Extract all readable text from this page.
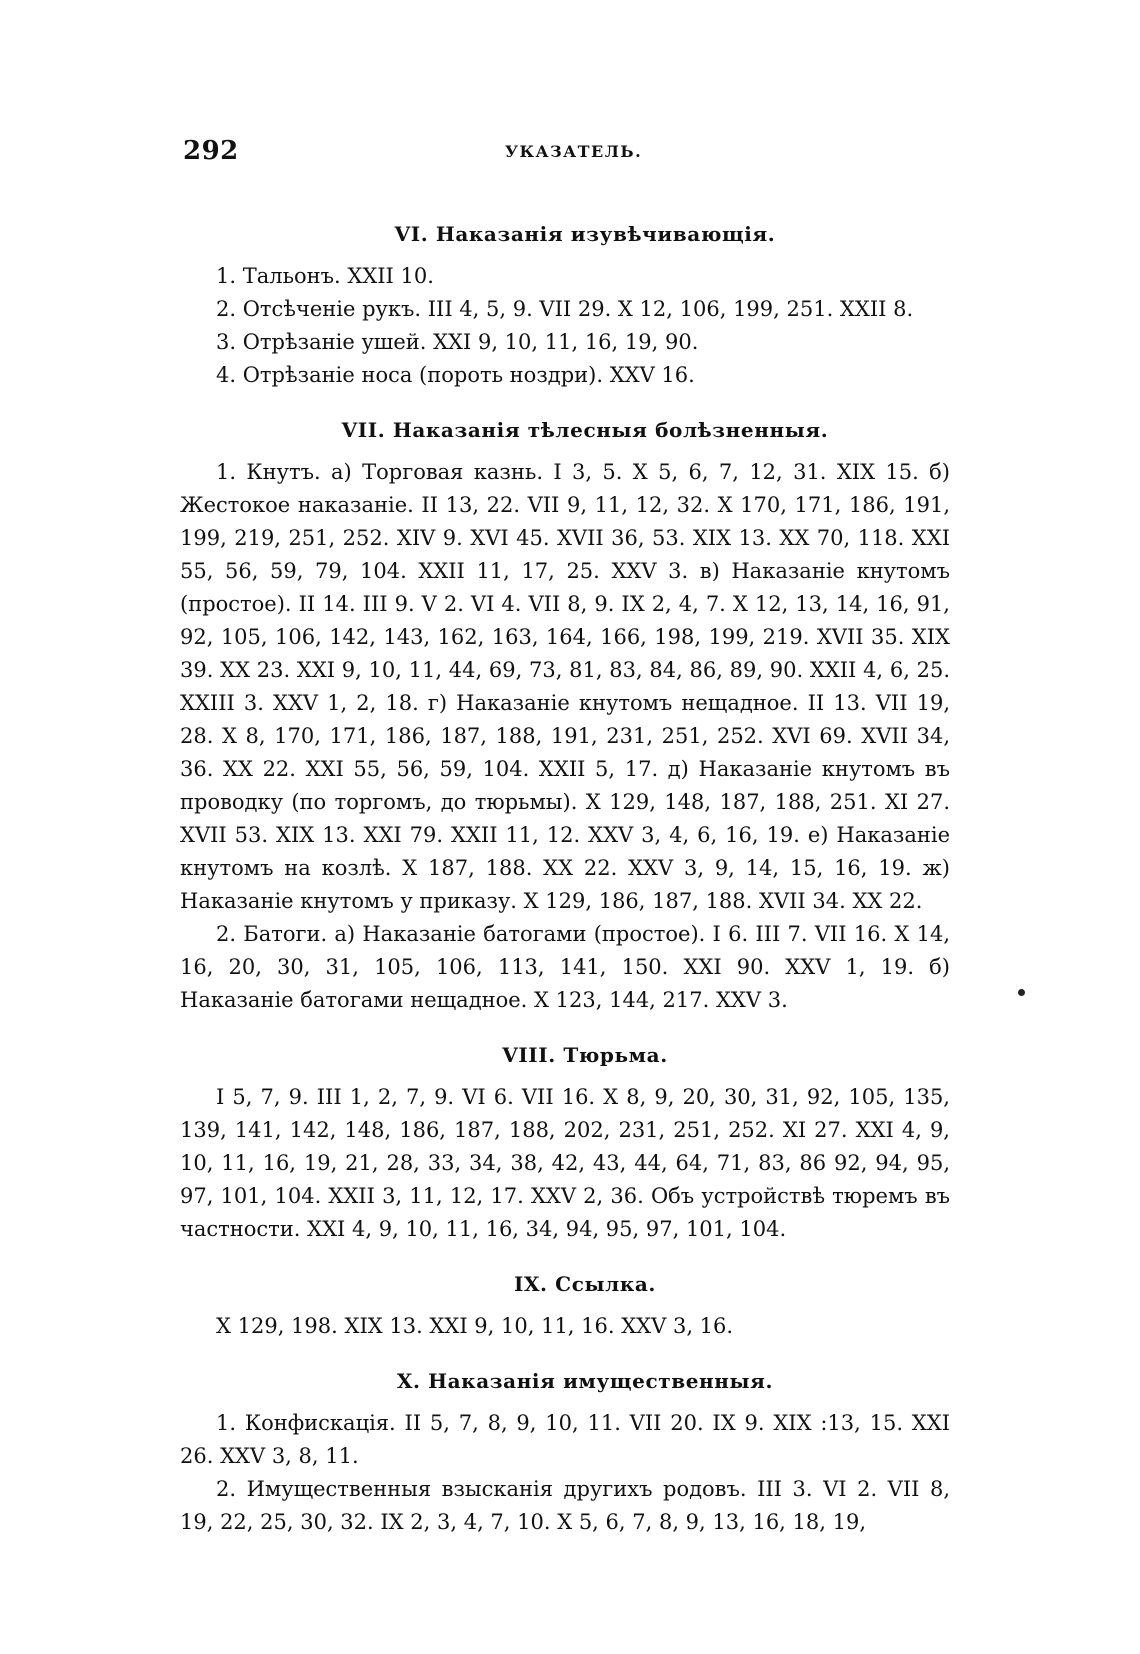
292	УКАЗАТЕЛЬ.
VI. Наказанія изувѣчивающія.
1. Тальонъ. XXII 10.
2. Отсѣченіе рукъ. III 4, 5, 9. VII 29. X 12, 106, 199, 251. XXII 8.
3. Отрѣзаніе ушей. XXI 9, 10, 11, 16, 19, 90.
4. Отрѣзаніе носа (пороть ноздри). XXV 16.
VII. Наказанія тѣлесныя болѣзненныя.

1. Кнутъ. а) Торговая казнь. I 3, 5. X 5, 6, 7, 12, 31. XIX 15. б) Жестокое наказаніе. II 13, 22. VII 9, 11, 12, 32. X 170, 171, 186, 191, 199, 219, 251, 252. XIV 9. XVI 45. XVII 36, 53. XIX 13. XX 70, 118. XXI 55, 56, 59, 79, 104. XXII 11, 17, 25. XXV 3. в) Наказаніе кнутомъ (простое). II 14. III 9. V 2. VI 4. VII 8, 9. IX 2, 4, 7. X 12, 13, 14, 16, 91, 92, 105, 106, 142, 143, 162, 163, 164, 166, 198, 199, 219. XVII 35. XIX 39. XX 23. XXI 9, 10, 11, 44, 69, 73, 81, 83, 84, 86, 89, 90. XXII 4, 6, 25. XXIII 3. XXV 1, 2, 18. г) Наказаніе кнутомъ нещадное. II 13. VII 19, 28. X 8, 170, 171, 186, 187, 188, 191, 231, 251, 252. XVI 69. XVII 34, 36. XX 22. XXI 55, 56, 59, 104. XXII 5, 17. д) Наказаніе кнутомъ въ проводку (по торгомъ, до тюрьмы). X 129, 148, 187, 188, 251. XI 27. XVII 53. XIX 13. XXI 79. XXII 11, 12. XXV 3, 4, 6, 16, 19. е) Наказаніе кнутомъ на козлѣ. X 187, 188. XX 22. XXV 3, 9, 14, 15, 16, 19. ж) Наказаніе кнутомъ у приказу. X 129, 186, 187, 188. XVII 34. XX 22.

2. Батоги. а) Наказаніе батогами (простое). I 6. III 7. VII 16. X 14, 16, 20, 30, 31, 105, 106, 113, 141, 150. XXI 90. XXV 1, 19. б) Наказаніе батогами нещадное. X 123, 144, 217. XXV 3.

VIII. Тюрьма.

I 5, 7, 9. III 1, 2, 7, 9. VI 6. VII 16. X 8, 9, 20, 30, 31, 92, 105, 135, 139, 141, 142, 148, 186, 187, 188, 202, 231, 251, 252. XI 27. XXI 4, 9, 10, 11, 16, 19, 21, 28, 33, 34, 38, 42, 43, 44, 64, 71, 83, 86 92, 94, 95, 97, 101, 104. XXII 3, 11, 12, 17. XXV 2, 36. Объ устройствѣ тюремъ въ частности. XXI 4, 9, 10, 11, 16, 34, 94, 95, 97, 101, 104.

IX. Ссылка.

X 129, 198. XIX 13. XXI 9, 10, 11, 16. XXV 3, 16.

X. Наказанія имущественныя.

1. Конфискація. II 5, 7, 8, 9, 10, 11. VII 20. IX 9. XIX :13, 15. XXI 26. XXV 3, 8, 11.

2. Имущественныя взысканія другихъ родовъ. III 3. VI 2. VII 8, 19, 22, 25, 30, 32. IX 2, 3, 4, 7, 10. X 5, 6, 7, 8, 9, 13, 16, 18, 19,
